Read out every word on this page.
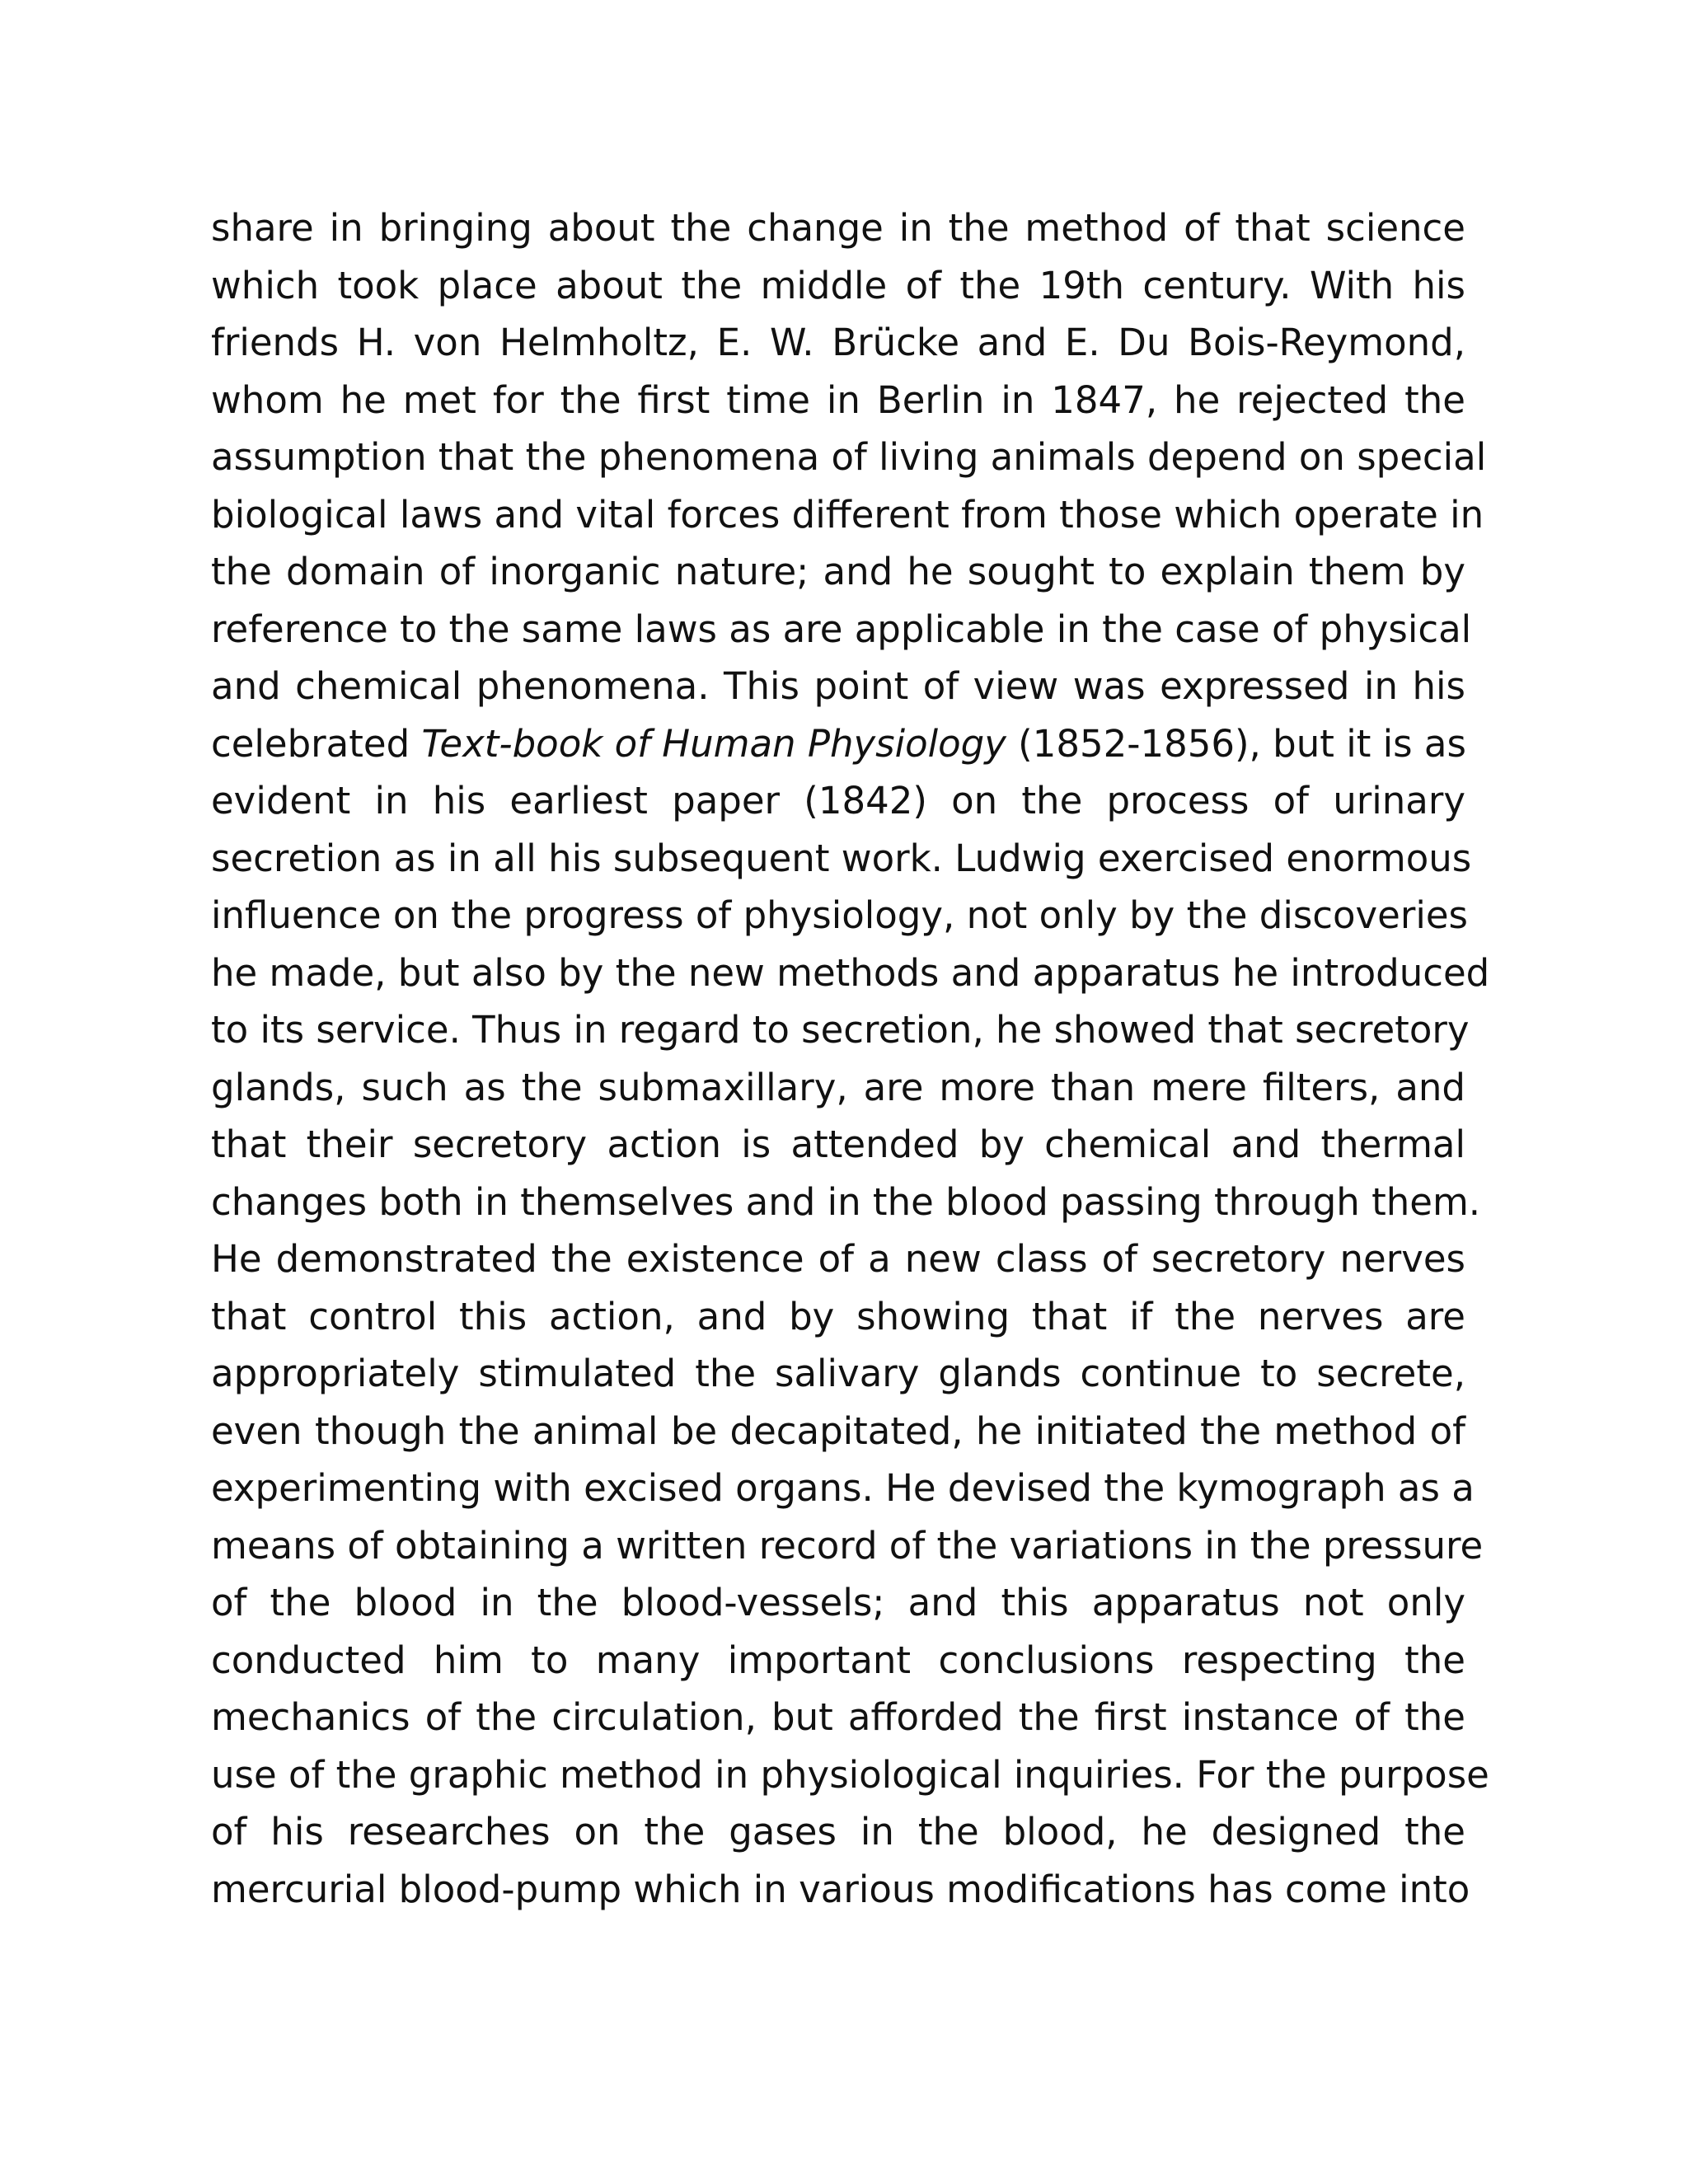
share in bringing about the change in the method of that science
which took place about the middle of the 19th century. With his
friends H. von Helmholtz, E. W. Brücke and E. Du Bois-Reymond,
whom he met for the first time in Berlin in 1847, he rejected the
assumption that the phenomena of living animals depend on special
biological laws and vital forces different from those which operate in
the domain of inorganic nature; and he sought to explain them by
reference to the same laws as are applicable in the case of physical
and chemical phenomena. This point of view was expressed in his
celebrated Text-book of Human Physiology (1852-1856), but it is as
evident in his earliest paper (1842) on the process of urinary
secretion as in all his subsequent work. Ludwig exercised enormous
influence on the progress of physiology, not only by the discoveries
he made, but also by the new methods and apparatus he introduced
to its service. Thus in regard to secretion, he showed that secretory
glands, such as the submaxillary, are more than mere filters, and
that their secretory action is attended by chemical and thermal
changes both in themselves and in the blood passing through them.
He demonstrated the existence of a new class of secretory nerves
that control this action, and by showing that if the nerves are
appropriately stimulated the salivary glands continue to secrete,
even though the animal be decapitated, he initiated the method of
experimenting with excised organs. He devised the kymograph as a
means of obtaining a written record of the variations in the pressure
of the blood in the blood-vessels; and this apparatus not only
conducted him to many important conclusions respecting the
mechanics of the circulation, but afforded the first instance of the
use of the graphic method in physiological inquiries. For the purpose
of his researches on the gases in the blood, he designed the
mercurial blood-pump which in various modifications has come into
